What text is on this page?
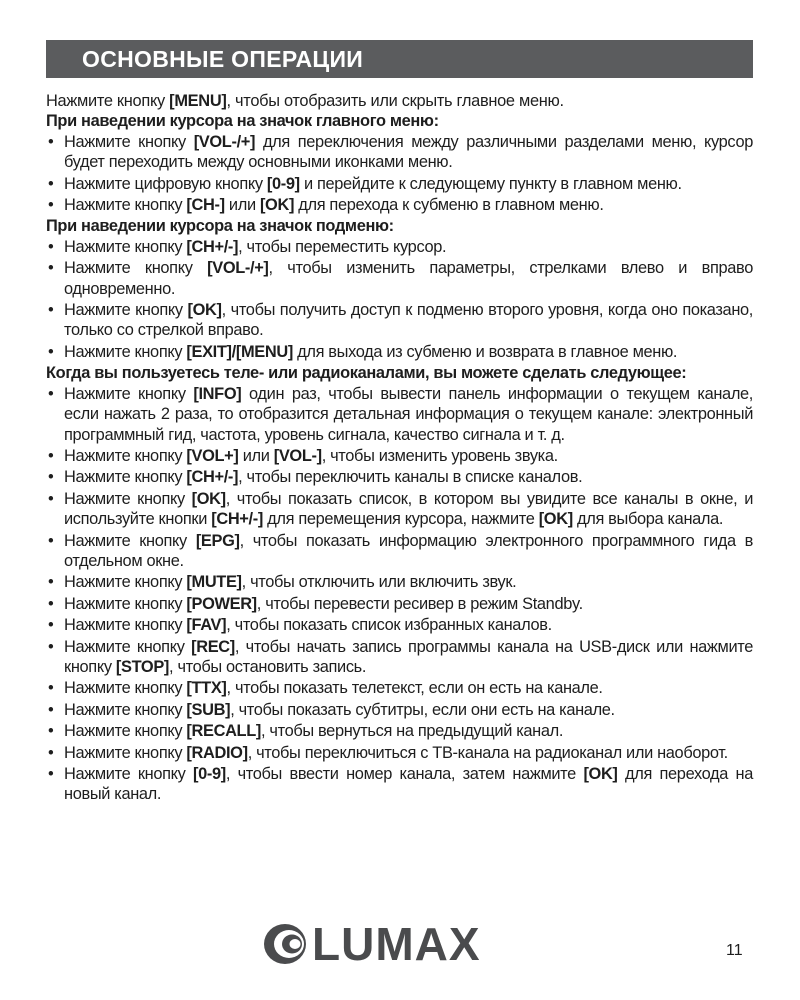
ОСНОВНЫЕ ОПЕРАЦИИ

Нажмите кнопку [MENU], чтобы отобразить или скрыть главное меню.

При наведении курсора на значок главного меню:

• Нажмите кнопку [VOL-/+] для переключения между различными разделами меню, курсор будет переходить между основными иконками меню.
• Нажмите цифровую кнопку [0-9] и перейдите к следующему пункту в главном меню.
• Нажмите кнопку [CH-] или [OK] для перехода к субменю в главном меню.

При наведении курсора на значок подменю:

• Нажмите кнопку [CH+/-], чтобы переместить курсор.
• Нажмите кнопку [VOL-/+], чтобы изменить параметры, стрелками влево и вправо одновременно.
• Нажмите кнопку [OK], чтобы получить доступ к подменю второго уровня, когда оно показано, только со стрелкой вправо.
• Нажмите кнопку [EXIT]/[MENU] для выхода из субменю и возврата в главное меню.

Когда вы пользуетесь теле- или радиоканалами, вы можете сделать следующее:

• Нажмите кнопку [INFO] один раз, чтобы вывести панель информации о текущем канале, если нажать 2 раза, то отобразится детальная информация о текущем канале: электронный программный гид, частота, уровень сигнала, качество сигнала и т. д.
• Нажмите кнопку [VOL+] или [VOL-], чтобы изменить уровень звука.
• Нажмите кнопку [CH+/-], чтобы переключить каналы в списке каналов.
• Нажмите кнопку [OK], чтобы показать список, в котором вы увидите все каналы в окне, и используйте кнопки [CH+/-] для перемещения курсора, нажмите [OK] для выбора канала.
• Нажмите кнопку [EPG], чтобы показать информацию электронного программного гида в отдельном окне.
• Нажмите кнопку [MUTE], чтобы отключить или включить звук.
• Нажмите кнопку [POWER], чтобы перевести ресивер в режим Standby.
• Нажмите кнопку [FAV], чтобы показать список избранных каналов.
• Нажмите кнопку [REC], чтобы начать запись программы канала на USB-диск или нажмите кнопку [STOP], чтобы остановить запись.
• Нажмите кнопку [TTX], чтобы показать телетекст, если он есть на канале.
• Нажмите кнопку [SUB], чтобы показать субтитры, если они есть на канале.
• Нажмите кнопку [RECALL], чтобы вернуться на предыдущий канал.
• Нажмите кнопку [RADIO], чтобы переключиться с ТВ-канала на радиоканал или наоборот.
• Нажмите кнопку [0-9], чтобы ввести номер канала, затем нажмите [OK] для перехода на новый канал.
LUMAX	11
